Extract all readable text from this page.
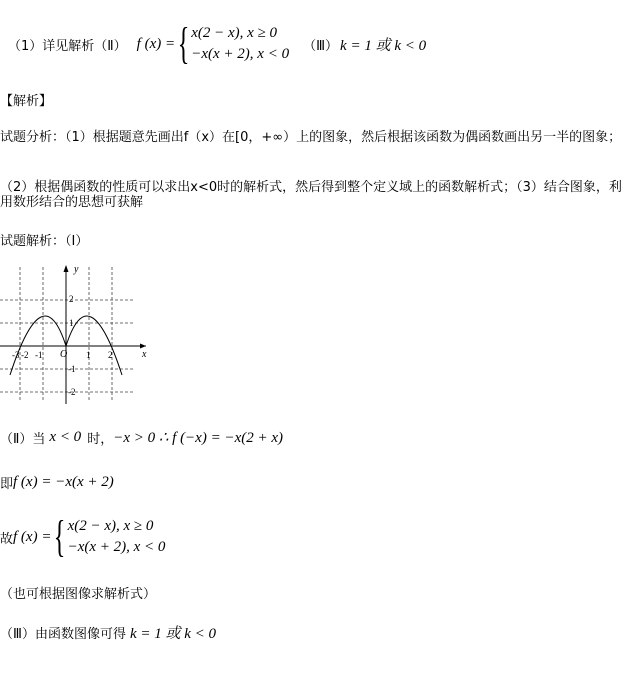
（1）详见解析（Ⅱ） f (x) = { x(2 − x), x ≥ 0
−x(x + 2), x < 0 （Ⅲ） k = 1 或 k < 0
【解析】
试题分析：（1）根据题意先画出f（x）在[0，+∞）上的图象，然后根据该函数为偶函数画出另一半的图象；
（2）根据偶函数的性质可以求出x<0时的解析式，然后得到整个定义域上的函数解析式；（3）结合图象，利用数形结合的思想可获解
试题解析：（Ⅰ）
y
x
O
-3 -2 -1	1 2
2
1
-1
-2
（Ⅱ）当 x < 0 时， −x > 0 ∴ f (−x) = −x(2 + x)
即 f (x) = −x(x + 2)
故 f (x) = { x(2 − x), x ≥ 0
−x(x + 2), x < 0
（也可根据图像求解析式）
（Ⅲ）由函数图像可得 k = 1 或 k < 0
